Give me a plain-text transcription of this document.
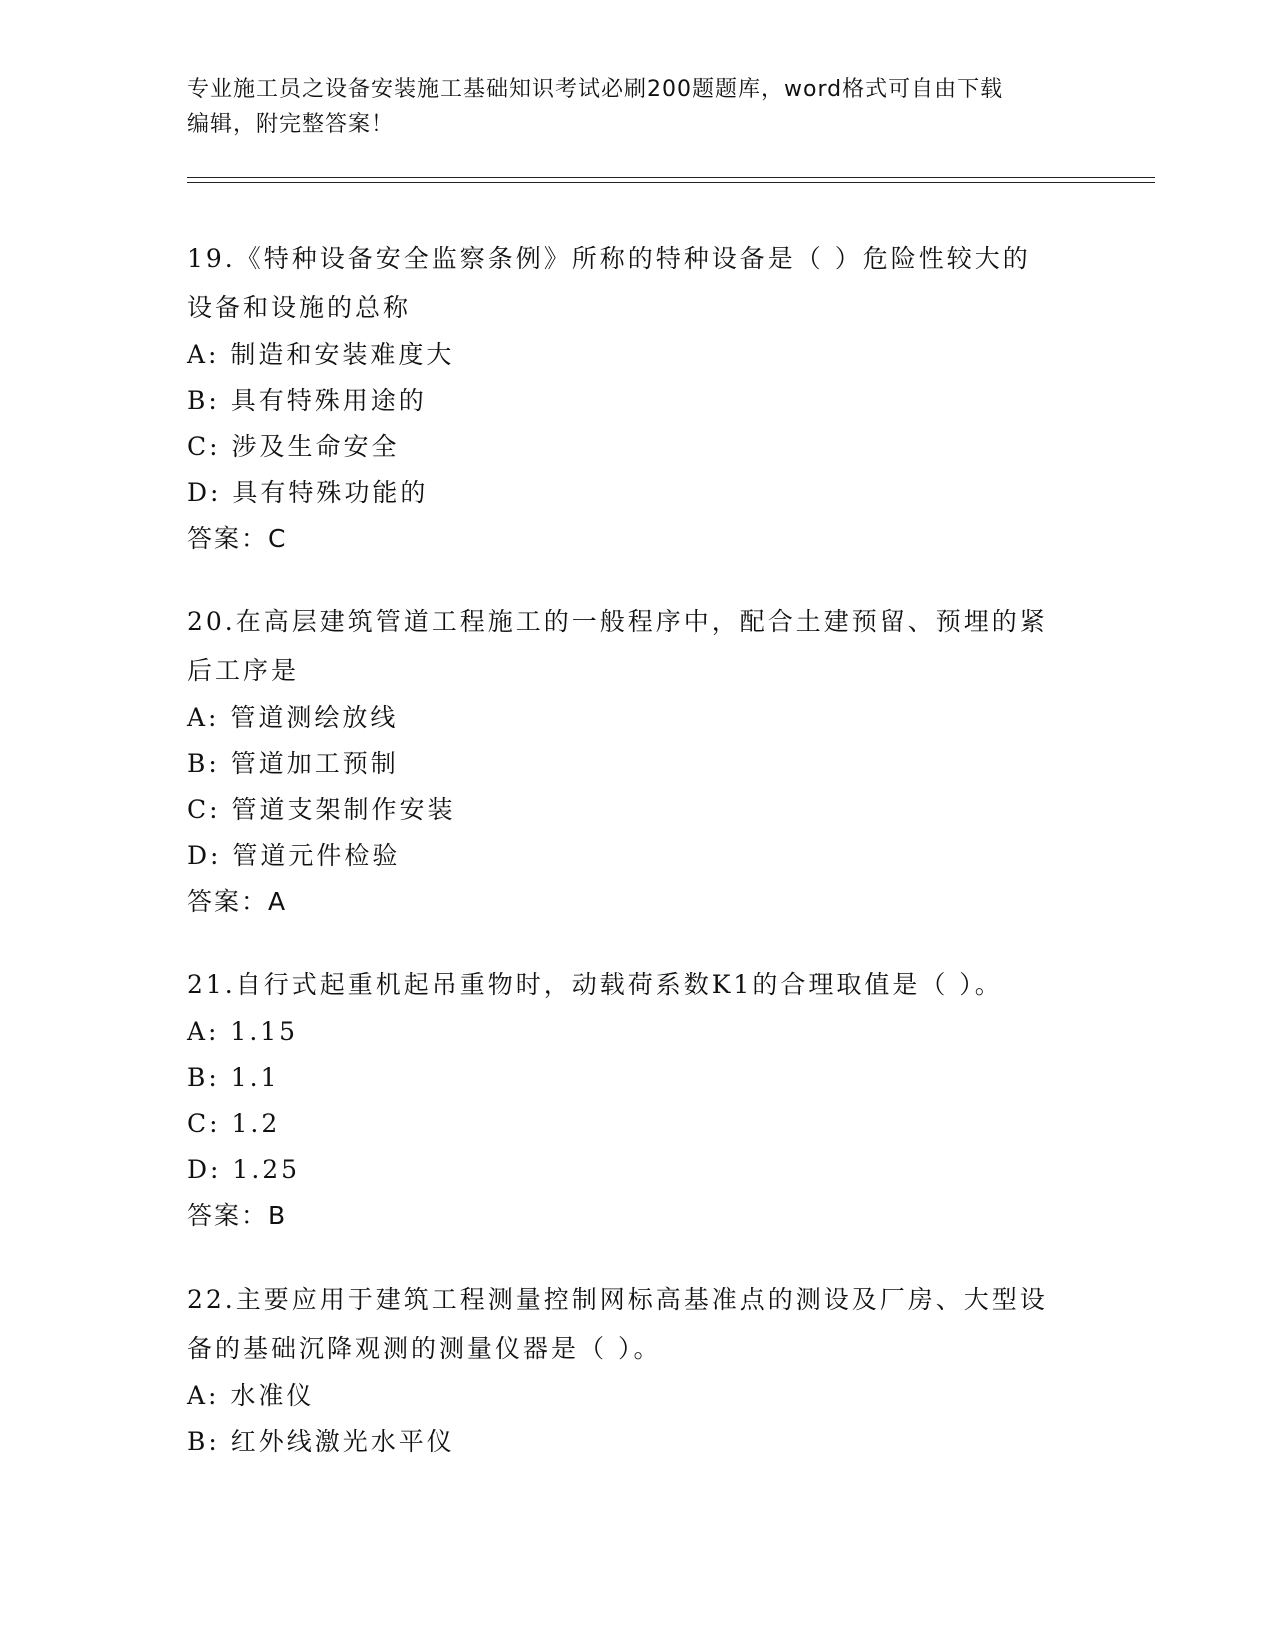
专业施工员之设备安装施工基础知识考试必刷200题题库，word格式可自由下载
编辑，附完整答案！
19.《特种设备安全监察条例》所称的特种设备是（ ）危险性较大的
设备和设施的总称
A: 制造和安装难度大
B: 具有特殊用途的
C: 涉及生命安全
D: 具有特殊功能的
答案：C
20.在高层建筑管道工程施工的一般程序中，配合土建预留、预埋的紧
后工序是
A: 管道测绘放线
B: 管道加工预制
C: 管道支架制作安装
D: 管道元件检验
答案：A
21.自行式起重机起吊重物时，动载荷系数K1的合理取值是（ ）。
A: 1.15
B: 1.1
C: 1.2
D: 1.25
答案：B
22.主要应用于建筑工程测量控制网标高基准点的测设及厂房、大型设
备的基础沉降观测的测量仪器是（ ）。
A: 水准仪
B: 红外线激光水平仪
